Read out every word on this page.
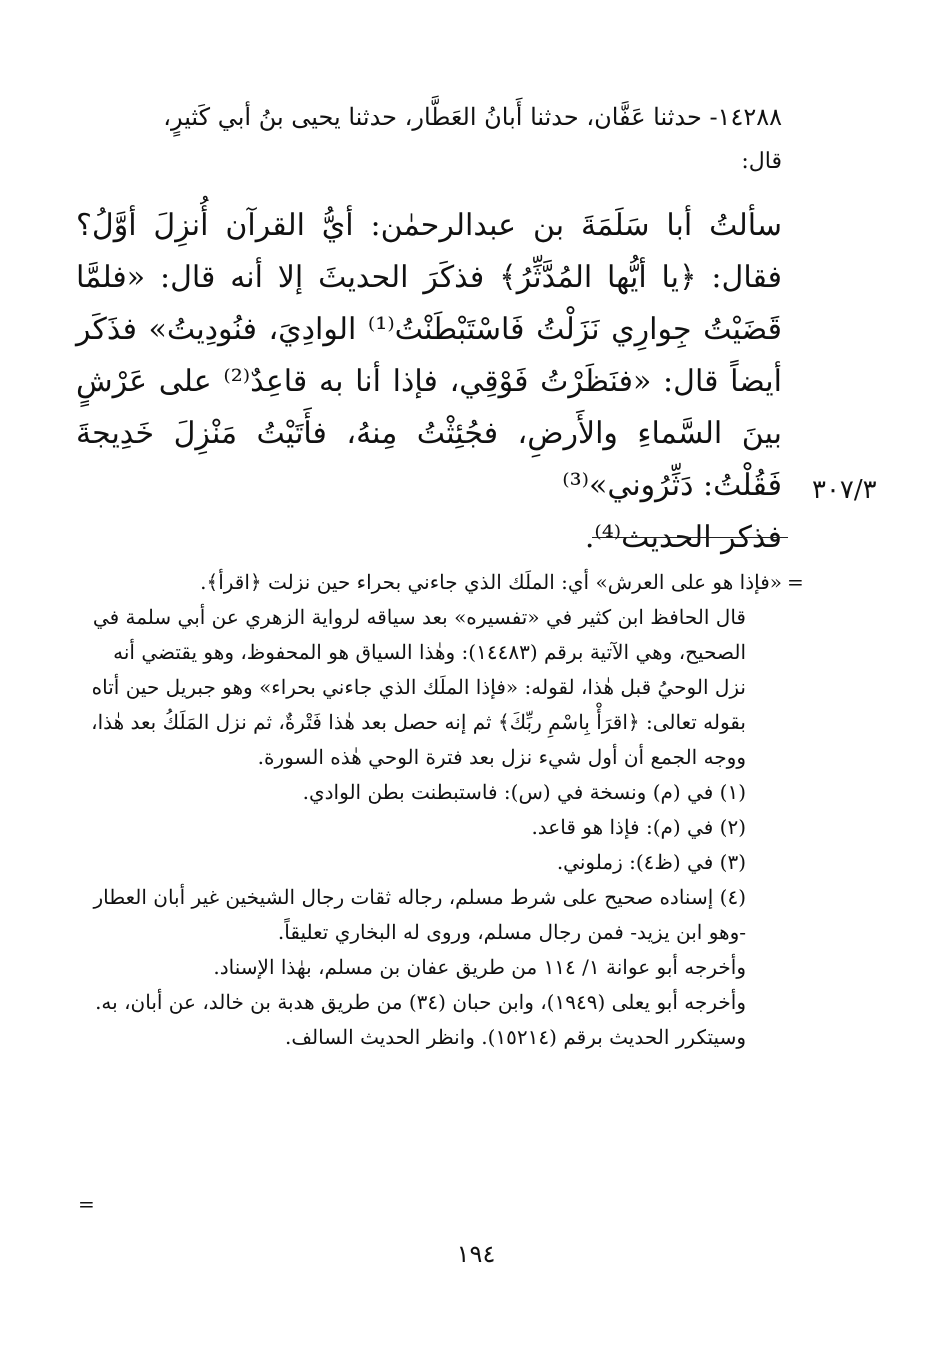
١٤٢٨٨- حدثنا عَفَّان، حدثنا أَبانُ العَطَّار، حدثنا يحيى بنُ أبي كَثيرٍ،
قال:

سألتُ أبا سَلَمَةَ بن عبدالرحمٰن: أيُّ القرآن أُنزِلَ أوَّلُ؟ فقال: ﴿يا أيُّها المُدَّثِّرُ﴾ فذكَرَ الحديثَ إلا أنه قال: «فلمَّا قَضَيْتُ جِوارِي نَزَلْتُ فَاسْتَبْطَنْتُ⁽¹⁾ الوادِيَ، فنُودِيتُ» فذَكَر أيضاً قال: «فنَظَرْتُ فَوْقِي، فإذا أنا به قاعِدٌ⁽²⁾ على عَرْشٍ بينَ السَّماءِ والأَرضِ، فجُئِثْتُ مِنهُ، فأَتَيْتُ مَنْزِلَ خَدِيجةَ فَقُلْتُ: دَثِّرُوني»⁽³⁾

فذكر الحديث⁽⁴⁾.

٣٠٧/٣
=

«فإذا هو على العرش» أي: الملَك الذي جاءني بحراء حين نزلت ﴿اقرأ﴾.

قال الحافظ ابن كثير في «تفسيره» بعد سياقه لرواية الزهري عن أبي سلمة في الصحيح، وهي الآتية برقم (١٤٤٨٣): وهٰذا السياق هو المحفوظ، وهو يقتضي أنه نزل الوحيُ قبل هٰذا، لقوله: «فإذا الملَك الذي جاءني بحراء» وهو جبريل حين أتاه بقوله تعالى: ﴿اقرَأْ بِاسْمِ ربِّكَ﴾ ثم إنه حصل بعد هٰذا فَتْرةٌ، ثم نزل المَلَكُ بعد هٰذا، ووجه الجمع أن أول شيء نزل بعد فترة الوحي هٰذه السورة.

(١) في (م) ونسخة في (س): فاستبطنت بطن الوادي.

(٢) في (م): فإذا هو قاعد.

(٣) في (ظ٤): زملوني.

(٤) إسناده صحيح على شرط مسلم، رجاله ثقات رجال الشيخين غير أبان العطار -وهو ابن يزيد- فمن رجال مسلم، وروى له البخاري تعليقاً.

وأخرجه أبو عوانة ١/ ١١٤ من طريق عفان بن مسلم، بهٰذا الإسناد.

وأخرجه أبو يعلى (١٩٤٩)، وابن حبان (٣٤) من طريق هدبة بن خالد، عن أبان، به.

وسيتكرر الحديث برقم (١٥٢١٤). وانظر الحديث السالف.

=
١٩٤
